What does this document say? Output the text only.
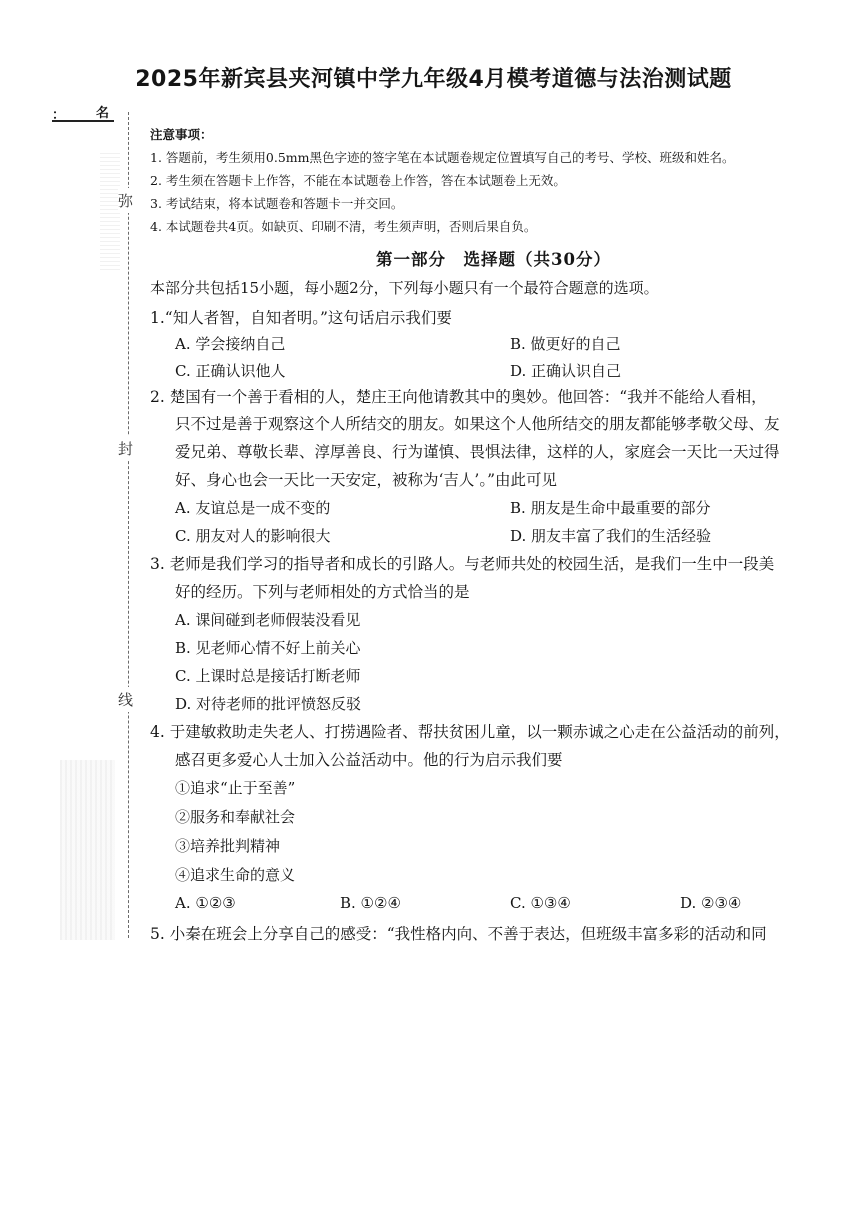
2025年新宾县夹河镇中学九年级4月模考道德与法治测试题
： 名
弥
封
线
注意事项：
1. 答题前，考生须用0.5mm黑色字迹的签字笔在本试题卷规定位置填写自己的考号、学校、班级和姓名。
2. 考生须在答题卡上作答，不能在本试题卷上作答，答在本试题卷上无效。
3. 考试结束，将本试题卷和答题卡一并交回。
4. 本试题卷共4页。如缺页、印刷不清，考生须声明，否则后果自负。
第一部分　选择题（共30分）
本部分共包括15小题，每小题2分，下列每小题只有一个最符合题意的选项。
1.“知人者智，自知者明。”这句话启示我们要
A. 学会接纳自己	B. 做更好的自己
C. 正确认识他人	D. 正确认识自己
2. 楚国有一个善于看相的人，楚庄王向他请教其中的奥妙。他回答：“我并不能给人看相，
只不过是善于观察这个人所结交的朋友。如果这个人他所结交的朋友都能够孝敬父母、友
爱兄弟、尊敬长辈、淳厚善良、行为谨慎、畏惧法律，这样的人，家庭会一天比一天过得
好、身心也会一天比一天安定，被称为‘吉人’。”由此可见
A. 友谊总是一成不变的	B. 朋友是生命中最重要的部分
C. 朋友对人的影响很大	D. 朋友丰富了我们的生活经验
3. 老师是我们学习的指导者和成长的引路人。与老师共处的校园生活，是我们一生中一段美
好的经历。下列与老师相处的方式恰当的是
A. 课间碰到老师假装没看见
B. 见老师心情不好上前关心
C. 上课时总是接话打断老师
D. 对待老师的批评愤怒反驳
4. 于建敏救助走失老人、打捞遇险者、帮扶贫困儿童，以一颗赤诚之心走在公益活动的前列，
感召更多爱心人士加入公益活动中。他的行为启示我们要
①追求“止于至善”
②服务和奉献社会
③培养批判精神
④追求生命的意义
A. ①②③	B. ①②④	C. ①③④	D. ②③④
5. 小秦在班会上分享自己的感受：“我性格内向、不善于表达，但班级丰富多彩的活动和同
